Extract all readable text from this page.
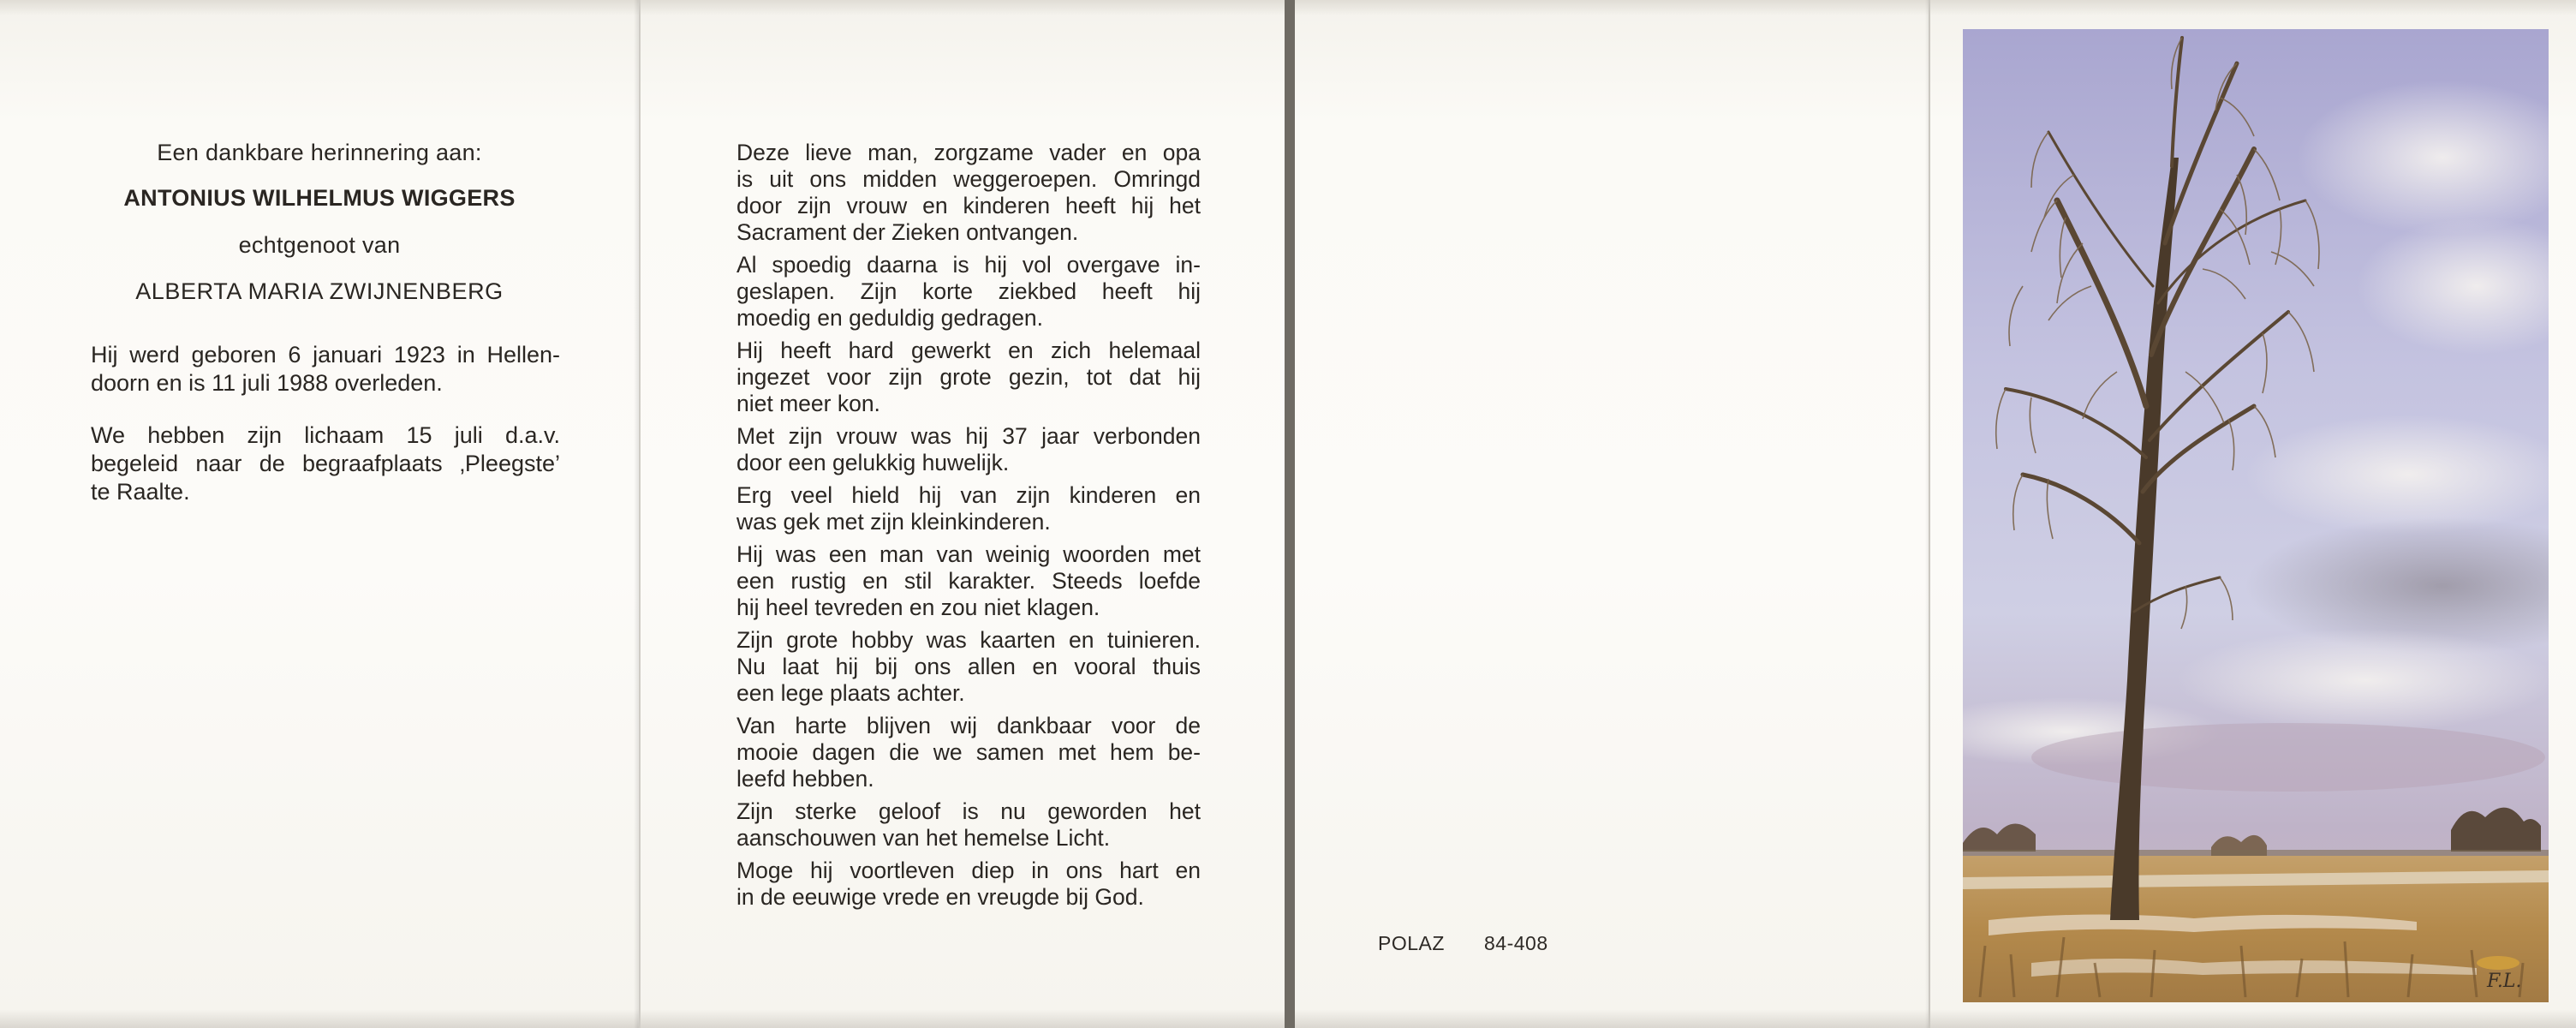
Een dankbare herinnering aan:
ANTONIUS WILHELMUS WIGGERS
echtgenoot van
ALBERTA MARIA ZWIJNENBERG
Hij werd geboren 6 januari 1923 in Hellen-
doorn en is 11 juli 1988 overleden.
We hebben zijn lichaam 15 juli d.a.v.
begeleid naar de begraafplaats ‚Pleegste’
te Raalte.
Deze lieve man, zorgzame vader en opa
is uit ons midden weggeroepen. Omringd
door zijn vrouw en kinderen heeft hij het
Sacrament der Zieken ontvangen.
Al spoedig daarna is hij vol overgave in-
geslapen. Zijn korte ziekbed heeft hij
moedig en geduldig gedragen.
Hij heeft hard gewerkt en zich helemaal
ingezet voor zijn grote gezin, tot dat hij
niet meer kon.
Met zijn vrouw was hij 37 jaar verbonden
door een gelukkig huwelijk.
Erg veel hield hij van zijn kinderen en
was gek met zijn kleinkinderen.
Hij was een man van weinig woorden met
een rustig en stil karakter. Steeds loefde
hij heel tevreden en zou niet klagen.
Zijn grote hobby was kaarten en tuinieren.
Nu laat hij bij ons allen en vooral thuis
een lege plaats achter.
Van harte blijven wij dankbaar voor de
mooie dagen die we samen met hem be-
leefd hebben.
Zijn sterke geloof is nu geworden het
aanschouwen van het hemelse Licht.
Moge hij voortleven diep in ons hart en
in de eeuwige vrede en vreugde bij God.
POLAZ 84-408
F.L.
